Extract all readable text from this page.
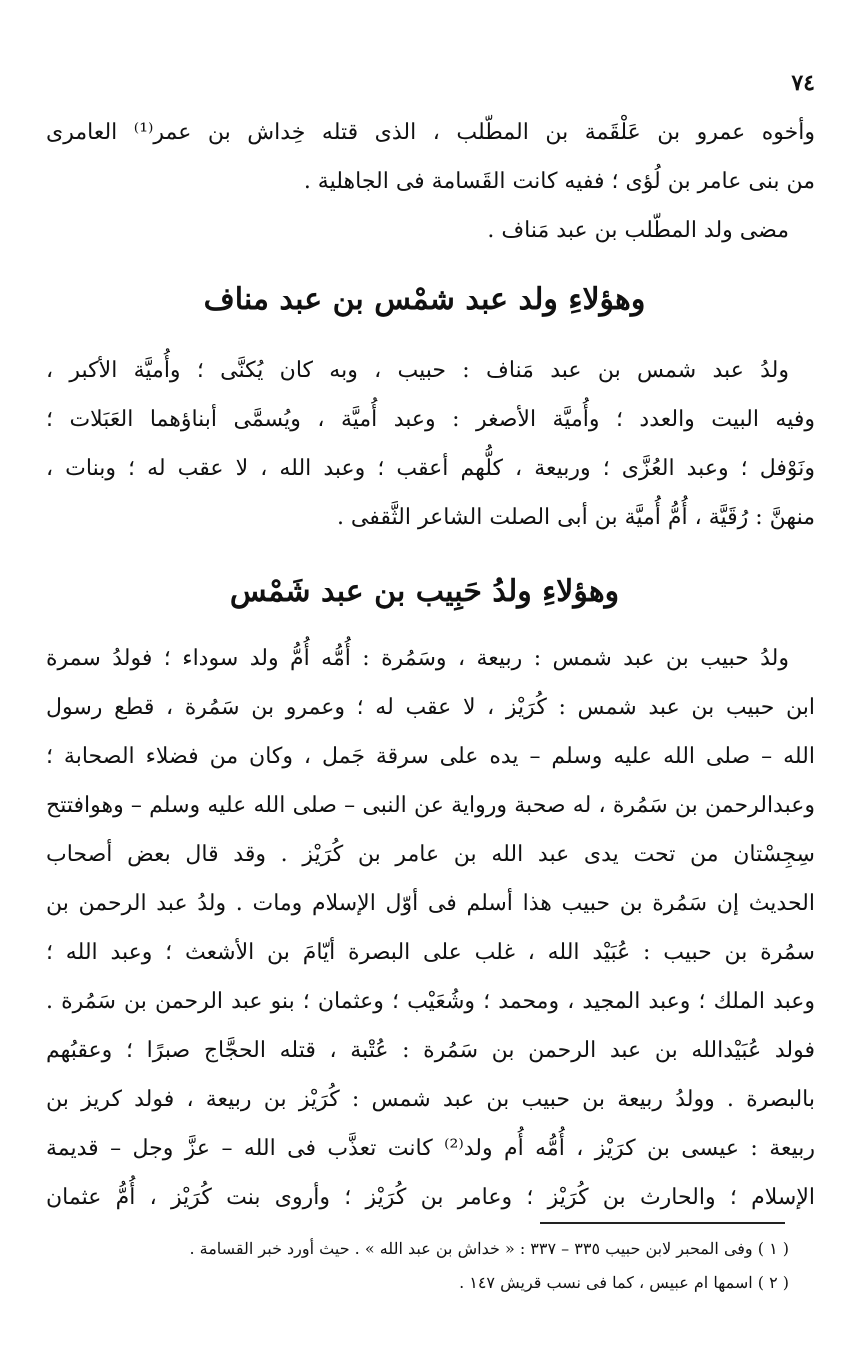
٧٤
وأخوه عمرو بن عَلْقَمة بن المطّلب ، الذى قتله خِداش بن عمر⁽¹⁾ العامرى
من بنى عامر بن لُؤى ؛ ففيه كانت القَسامة فى الجاهلية .
مضى ولد المطّلب بن عبد مَناف .
وهؤلاءِ ولد عبد شمْس بن عبد مناف
ولدُ عبد شمس بن عبد مَناف : حبيب ، وبه كان يُكنَّى ؛ وأُميَّة الأكبر ،
وفيه البيت والعدد ؛ وأُميَّة الأصغر : وعبد أُميَّة ، ويُسمَّى أبناؤهما العَبَلات ؛
ونَوْفل ؛ وعبد العُزَّى ؛ وربيعة ، كلُّهم أعقب ؛ وعبد الله ، لا عقب له ؛ وبنات ،
منهنَّ : رُقَيَّة ، أُمُّ أُميَّة بن أبى الصلت الشاعر الثَّقفى .
وهؤلاءِ ولدُ حَبِيب بن عبد شَمْس
ولدُ حبيب بن عبد شمس : ربيعة ، وسَمُرة : أُمُّه أُمُّ ولد سوداء ؛ فولدُ سمرة
ابن حبيب بن عبد شمس : كُرَيْز ، لا عقب له ؛ وعمرو بن سَمُرة ، قطع رسول
الله – صلى الله عليه وسلم – يده على سرقة جَمل ، وكان من فضلاء الصحابة ؛
وعبدالرحمن بن سَمُرة ، له صحبة ورواية عن النبى – صلى الله عليه وسلم – وهوافتتح
سِجِسْتان من تحت يدى عبد الله بن عامر بن كُرَيْز . وقد قال بعض أصحاب
الحديث إن سَمُرة بن حبيب هذا أسلم فى أوّل الإسلام ومات . ولدُ عبد الرحمن بن
سمُرة بن حبيب : عُبَيْد الله ، غلب على البصرة أيّامَ بن الأشعث ؛ وعبد الله ؛
وعبد الملك ؛ وعبد المجيد ، ومحمد ؛ وشُعَيْب ؛ وعثمان ؛ بنو عبد الرحمن بن سَمُرة .
فولد عُبَيْدالله بن عبد الرحمن بن سَمُرة : عُتْبة ، قتله الحجَّاج صبرًا ؛ وعقبُهم
بالبصرة . وولدُ ربيعة بن حبيب بن عبد شمس : كُرَيْز بن ربيعة ، فولد كريز بن
ربيعة : عيسى بن كرَيْز ، أُمُّه أُم ولد⁽²⁾ كانت تعذَّب فى الله – عزَّ وجل – قديمة
الإسلام ؛ والحارث بن كُرَيْز ؛ وعامر بن كُرَيْز ؛ وأروى بنت كُرَيْز ، أُمُّ عثمان
( ١ ) وفى المحبر لابن حبيب ٣٣٥ – ٣٣٧ : « خداش بن عبد الله » . حيث أورد خبر القسامة .
( ٢ ) اسمها ام عبيس ، كما فى نسب قريش ١٤٧ .
